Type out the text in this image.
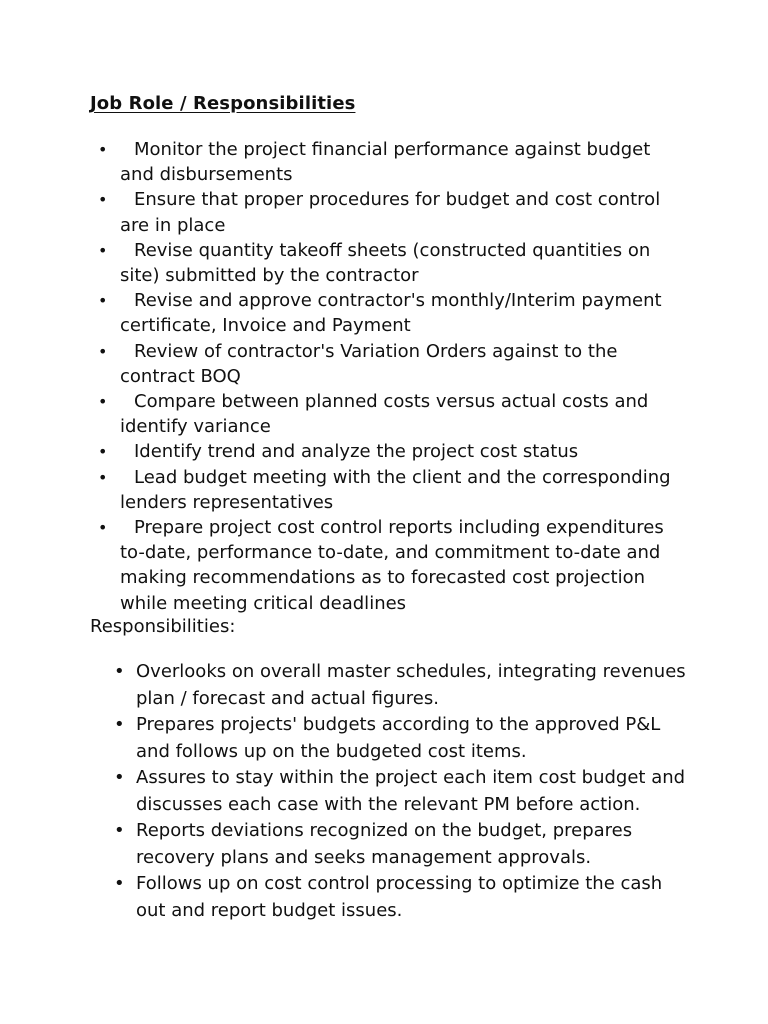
Job Role / Responsibilities
•	Monitor the project financial performance against budget and disbursements
•	Ensure that proper procedures for budget and cost control are in place
•	Revise quantity takeoff sheets (constructed quantities on site) submitted by the contractor
•	Revise and approve contractor's monthly/Interim payment certificate, Invoice and Payment
•	Review of contractor's Variation Orders against to the contract BOQ
•	Compare between planned costs versus actual costs and identify variance
•	Identify trend and analyze the project cost status
•	Lead budget meeting with the client and the corresponding lenders representatives
•	Prepare project cost control reports including expenditures to-date, performance to-date, and commitment to-date and making recommendations as to forecasted cost projection while meeting critical deadlines

Responsibilities:

• Overlooks on overall master schedules, integrating revenues plan / forecast and actual figures.
• Prepares projects' budgets according to the approved P&L and follows up on the budgeted cost items.
• Assures to stay within the project each item cost budget and discusses each case with the relevant PM before action.
• Reports deviations recognized on the budget, prepares recovery plans and seeks management approvals.
• Follows up on cost control processing to optimize the cash out and report budget issues.
